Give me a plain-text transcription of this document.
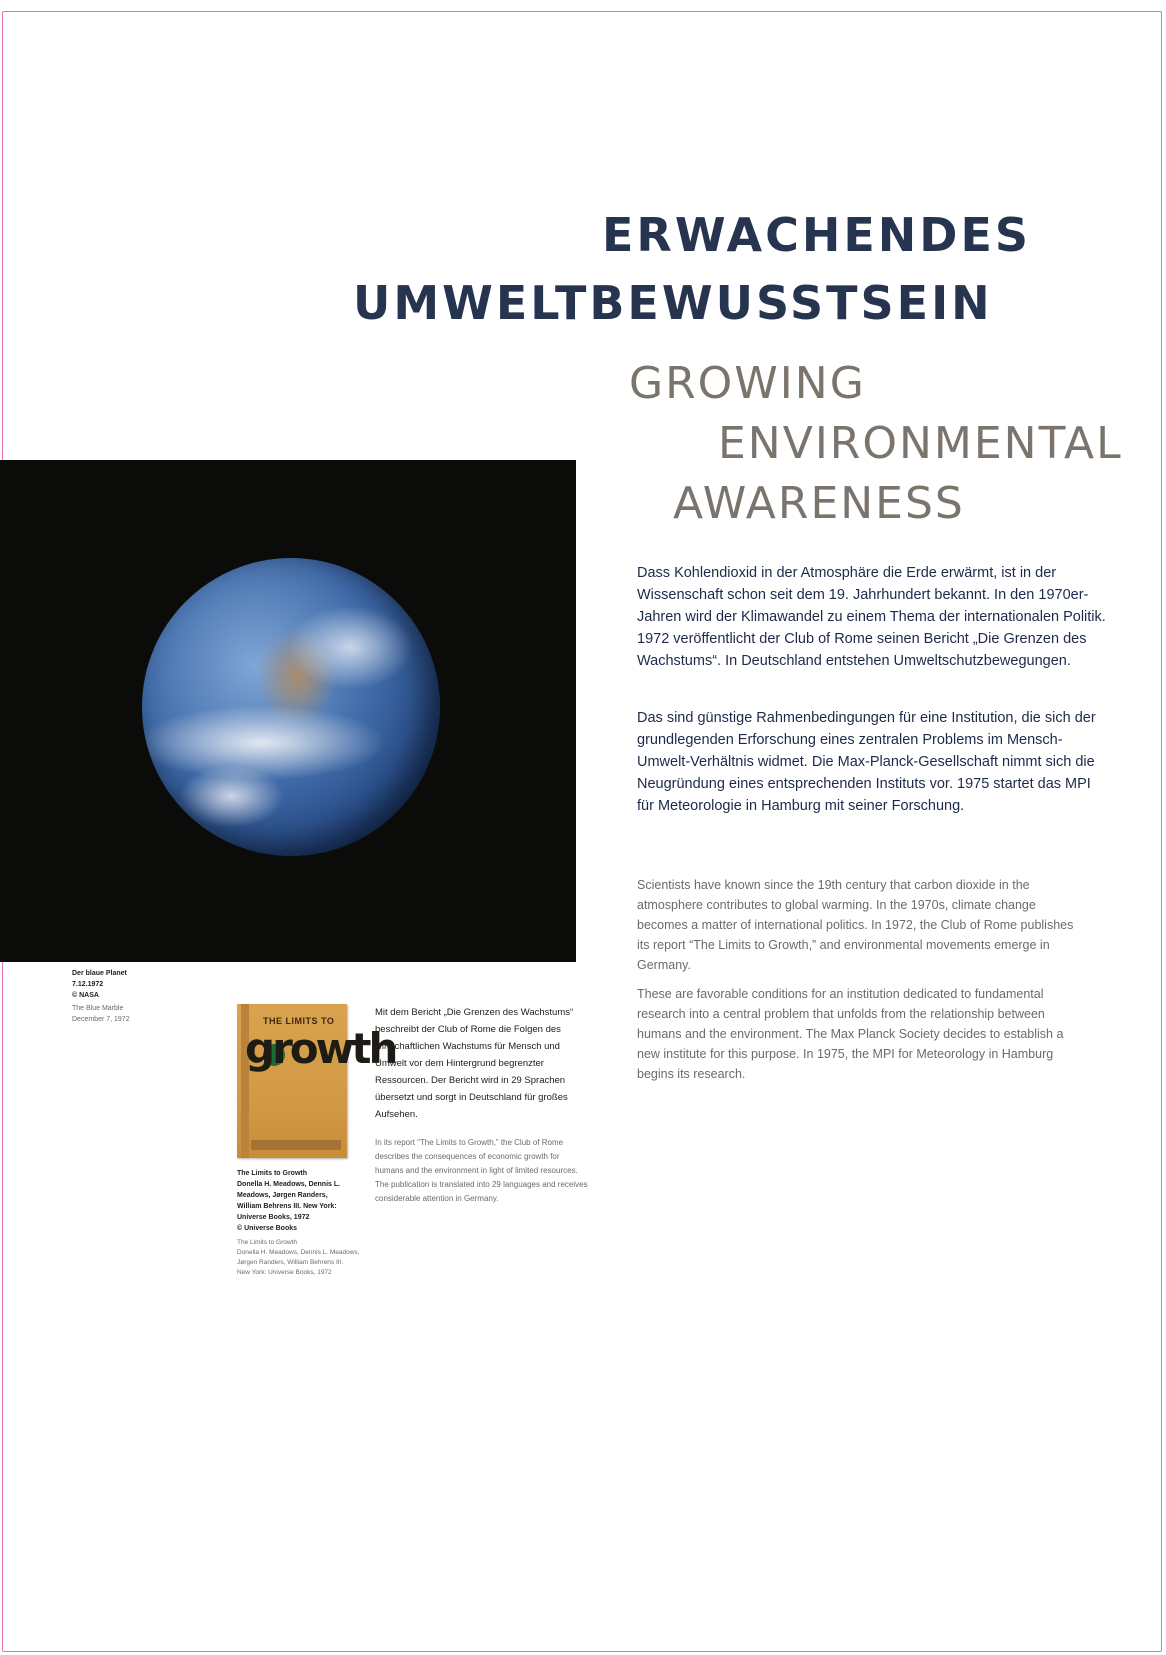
ERWACHENDES
UMWELTBEWUSSTSEIN
GROWING
ENVIRONMENTAL
AWARENESS
Der blaue Planet
7.12.1972
© NASA
The Blue Marble
December 7, 1972	THE LIMITS TO
growth
The Limits to Growth
Donella H. Meadows, Dennis L.
Meadows, Jørgen Randers,
William Behrens III. New York:
Universe Books, 1972
© Universe Books
The Limits to Growth
Donella H. Meadows, Dennis L. Meadows,
Jørgen Randers, William Behrens III.
New York: Universe Books, 1972

Mit dem Bericht „Die Grenzen des Wachstums“ beschreibt der Club of Rome die Folgen des wirtschaftlichen Wachstums für Mensch und Umwelt vor dem Hintergrund begrenzter Ressourcen. Der Bericht wird in 29 Sprachen übersetzt und sorgt in Deutschland für großes Aufsehen.

In its report “The Limits to Growth,” the Club of Rome describes the consequences of economic growth for humans and the environment in light of limited resources. The publication is translated into 29 languages and receives considerable attention in Germany.

Dass Kohlendioxid in der Atmosphäre die Erde erwärmt, ist in der Wissenschaft schon seit dem 19. Jahrhundert bekannt. In den 1970er-Jahren wird der Klimawandel zu einem Thema der internationalen Politik. 1972 veröffentlicht der Club of Rome seinen Bericht „Die Grenzen des Wachstums“. In Deutschland entstehen Umweltschutzbewegungen.

Das sind günstige Rahmenbedingungen für eine Institution, die sich der grundlegenden Erforschung eines zentralen Problems im Mensch-Umwelt-Verhältnis widmet. Die Max-Planck-Gesellschaft nimmt sich die Neugründung eines entsprechenden Instituts vor. 1975 startet das MPI für Meteorologie in Hamburg mit seiner Forschung.

Scientists have known since the 19th century that carbon dioxide in the atmosphere contributes to global warming. In the 1970s, climate change becomes a matter of international politics. In 1972, the Club of Rome publishes its report “The Limits to Growth,” and environmental movements emerge in Germany.

These are favorable conditions for an institution dedicated to fundamental research into a central problem that unfolds from the relationship between humans and the environment. The Max Planck Society decides to establish a new institute for this purpose. In 1975, the MPI for Meteorology in Hamburg begins its research.
